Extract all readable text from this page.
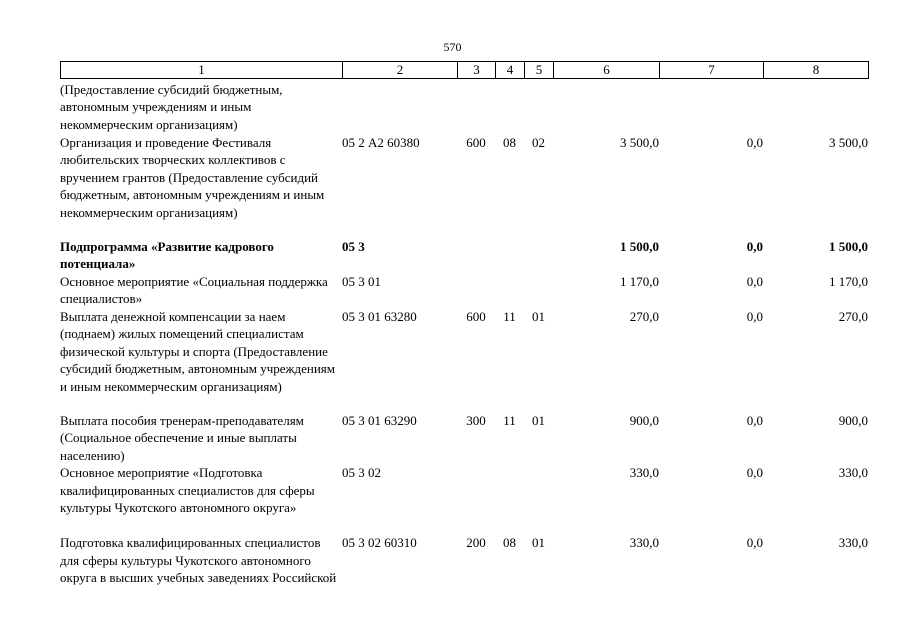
570
1	2	3	4	5	6	7	8
(Предоставление субсидий бюджетным, автономным учреждениям и иным некоммерческим организациям)							
Организация и проведение Фестиваля любительских творческих коллективов с вручением грантов (Предоставление субсидий бюджетным, автономным учреждениям и иным некоммерческим организациям)	05 2 А2 60380	600	08	02	3 500,0	0,0	3 500,0
Подпрограмма «Развитие кадрового потенциала»	05 3				1 500,0	0,0	1 500,0
Основное мероприятие «Социальная поддержка специалистов»	05 3 01				1 170,0	0,0	1 170,0
Выплата денежной компенсации за наем (поднаем) жилых помещений специалистам физической культуры и спорта (Предоставление субсидий бюджетным, автономным учреждениям и иным некоммерческим организациям)	05 3 01 63280	600	11	01	270,0	0,0	270,0
Выплата пособия тренерам-преподавателям (Социальное обеспечение и иные выплаты населению)	05 3 01 63290	300	11	01	900,0	0,0	900,0
Основное мероприятие «Подготовка квалифицированных специалистов для сферы культуры Чукотского автономного округа»	05 3 02				330,0	0,0	330,0
Подготовка квалифицированных специалистов для сферы культуры Чукотского автономного округа в высших учебных заведениях Российской	05 3 02 60310	200	08	01	330,0	0,0	330,0
